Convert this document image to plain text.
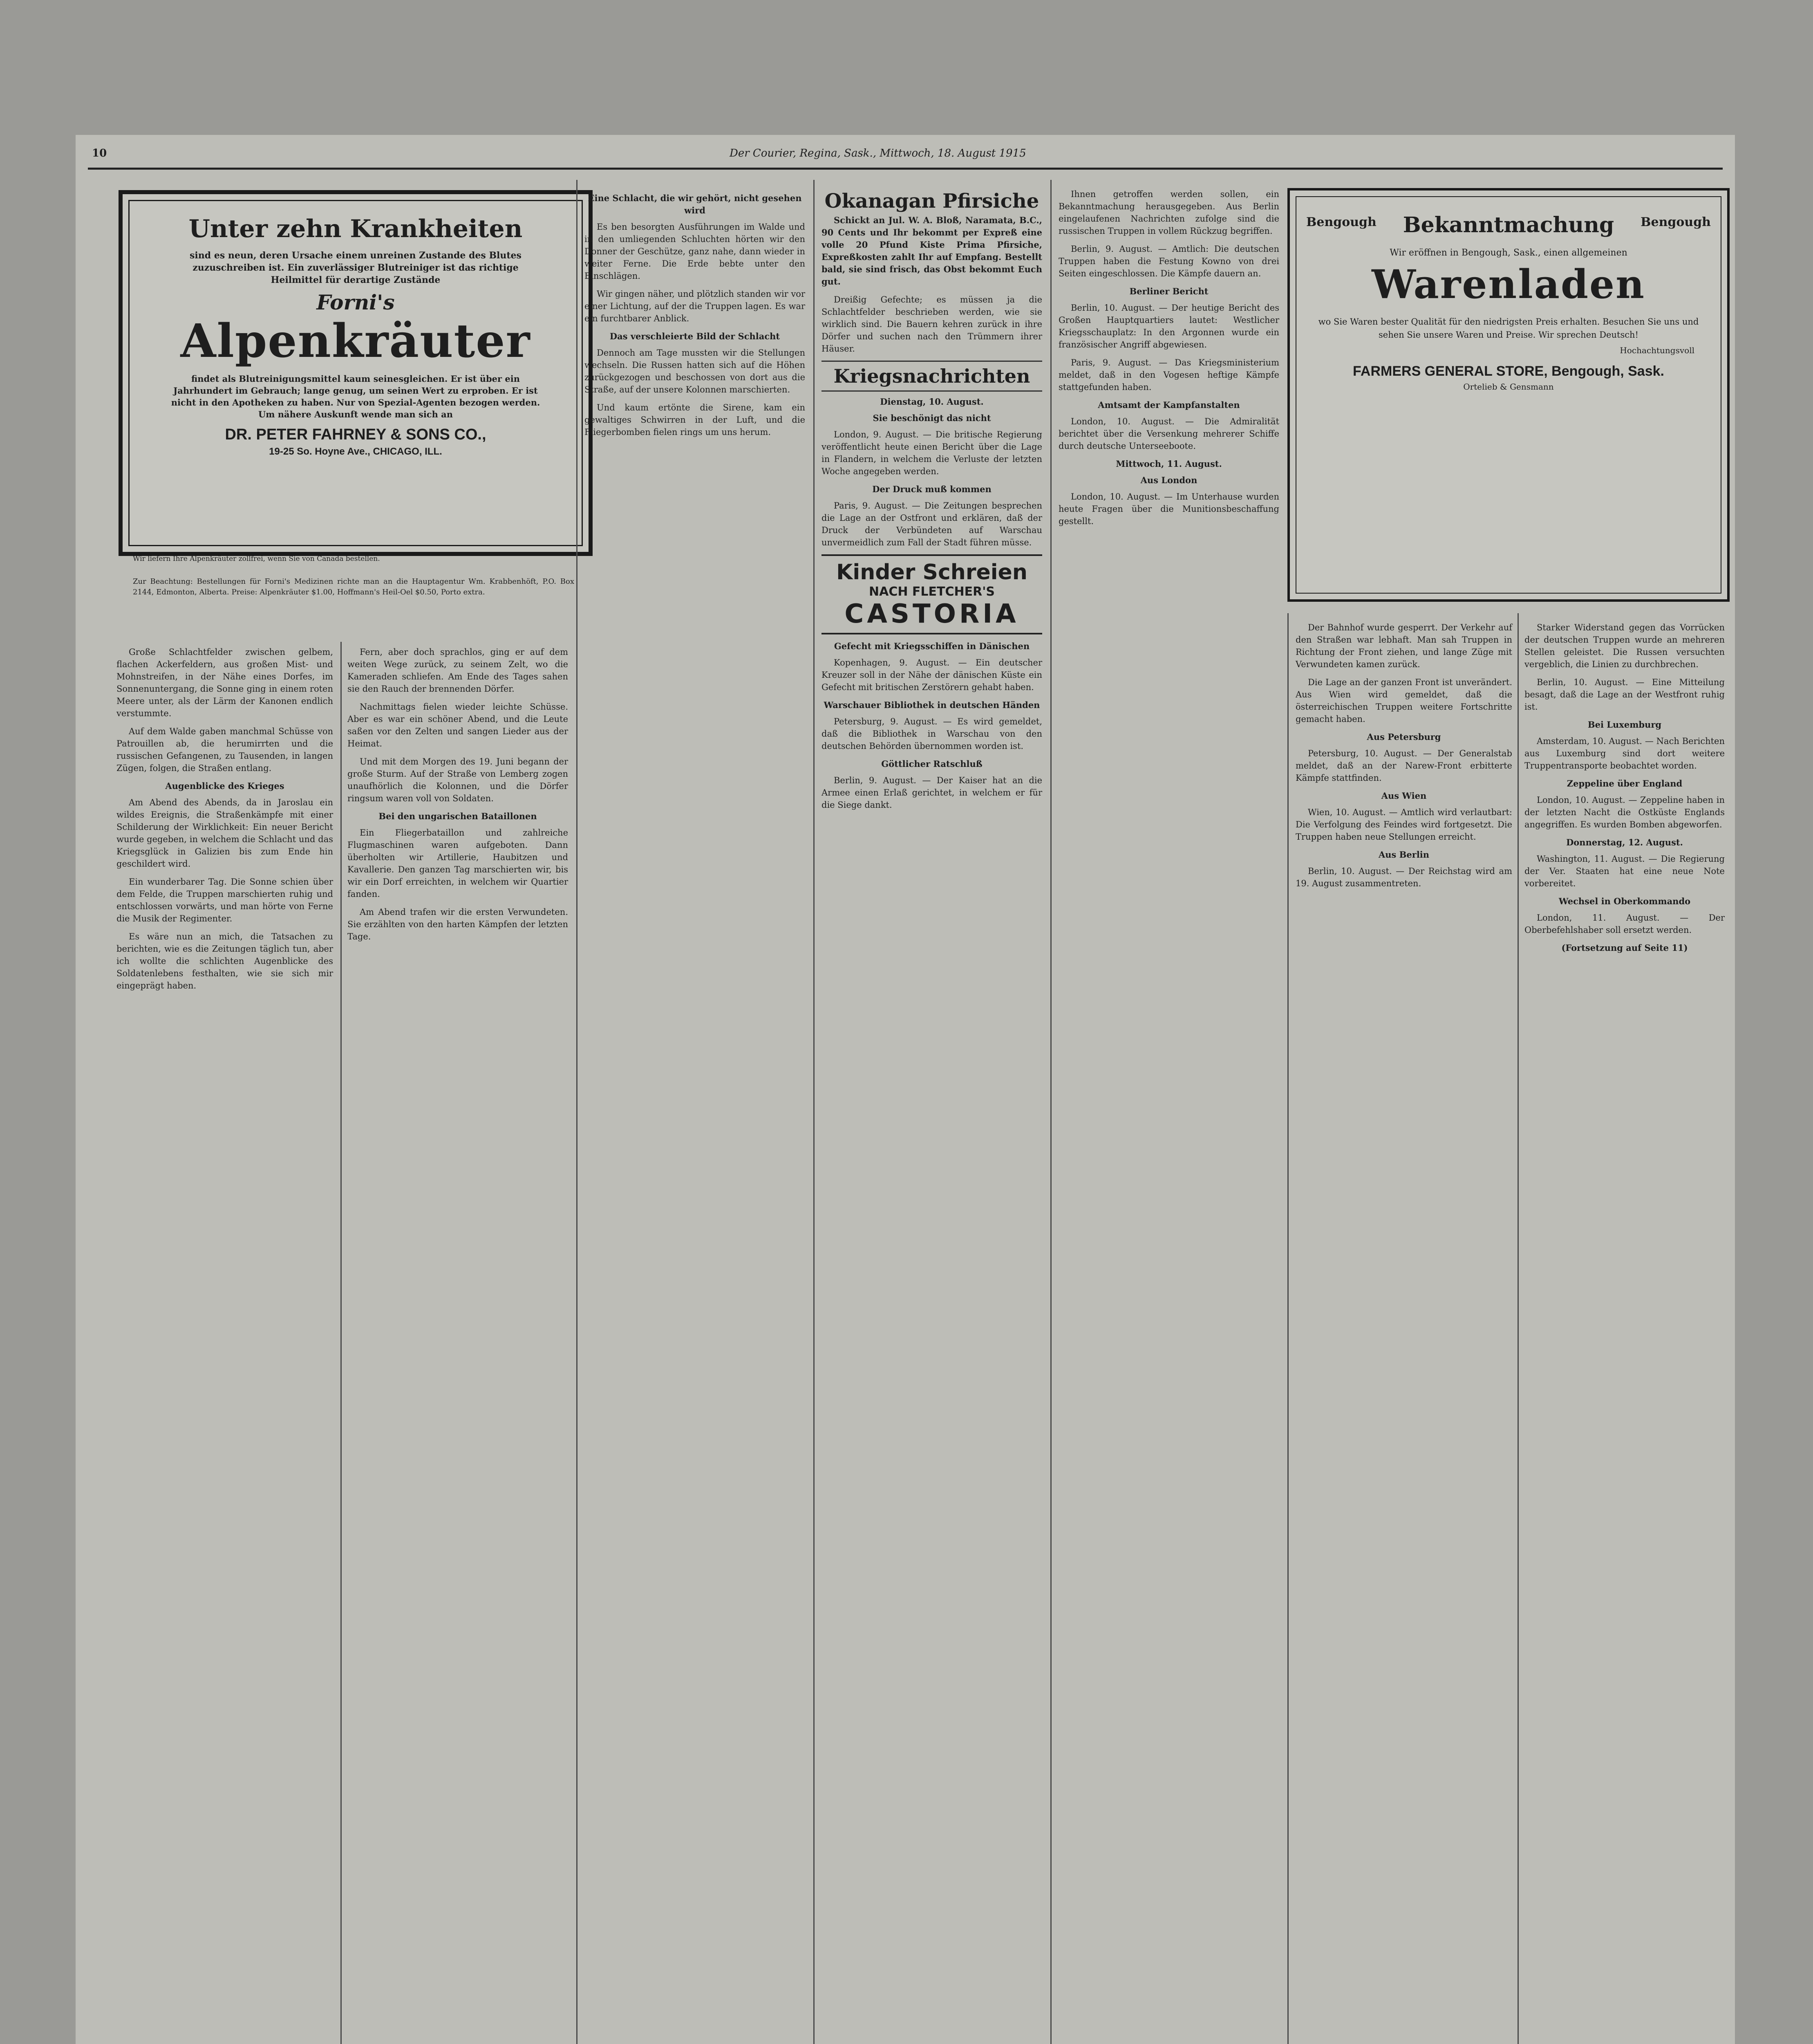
10	Der Courier, Regina, Sask., Mittwoch, 18. August 1915
Unter zehn Krankheiten
sind es neun, deren Ursache einem unreinen Zustande des Blutes zuzuschreiben ist. Ein zuverlässiger Blutreiniger ist das richtige Heilmittel für derartige Zustände
Forni's
Alpenkräuter
findet als Blutreinigungsmittel kaum seinesgleichen. Er ist über ein Jahrhundert im Gebrauch; lange genug, um seinen Wert zu erproben. Er ist nicht in den Apotheken zu haben. Nur von Spezial-Agenten bezogen werden. Um nähere Auskunft wende man sich an
DR. PETER FAHRNEY & SONS CO.,
19-25 So. Hoyne Ave., CHICAGO, ILL.
Wir liefern Ihre Alpenkräuter zollfrei, wenn Sie von Canada bestellen.
Zur Beachtung: Bestellungen für Forni's Medizinen richte man an die Hauptagentur Wm. Krabbenhöft, P.O. Box 2144, Edmonton, Alberta. Preise: Alpenkräuter $1.00, Hoffmann's Heil-Oel $0.50, Porto extra.

Große Schlachtfelder zwischen gelbem, flachen Ackerfeldern, aus großen Mist- und Mohnstreifen, in der Nähe eines Dorfes, im Sonnenuntergang, die Sonne ging in einem roten Meere unter, als der Lärm der Kanonen endlich verstummte.

Auf dem Walde gaben manchmal Schüsse von Patrouillen ab, die herumirrten und die russischen Gefangenen, zu Tausenden, in langen Zügen, folgen, die Straßen entlang.

Augenblicke des Krieges

Am Abend des Abends, da in Jaroslau ein wildes Ereignis, die Straßenkämpfe mit einer Schilderung der Wirklichkeit: Ein neuer Bericht wurde gegeben, in welchem die Schlacht und das Kriegsglück in Galizien bis zum Ende hin geschildert wird.

Ein wunderbarer Tag. Die Sonne schien über dem Felde, die Truppen marschierten ruhig und entschlossen vorwärts, und man hörte von Ferne die Musik der Regimenter.

Es wäre nun an mich, die Tatsachen zu berichten, wie es die Zeitungen täglich tun, aber ich wollte die schlichten Augenblicke des Soldatenlebens festhalten, wie sie sich mir eingeprägt haben.

Fern, aber doch sprachlos, ging er auf dem weiten Wege zurück, zu seinem Zelt, wo die Kameraden schliefen. Am Ende des Tages sahen sie den Rauch der brennenden Dörfer.

Nachmittags fielen wieder leichte Schüsse. Aber es war ein schöner Abend, und die Leute saßen vor den Zelten und sangen Lieder aus der Heimat.

Und mit dem Morgen des 19. Juni begann der große Sturm. Auf der Straße von Lemberg zogen unaufhörlich die Kolonnen, und die Dörfer ringsum waren voll von Soldaten.

Bei den ungarischen Bataillonen

Ein Fliegerbataillon und zahlreiche Flugmaschinen waren aufgeboten. Dann überholten wir Artillerie, Haubitzen und Kavallerie. Den ganzen Tag marschierten wir, bis wir ein Dorf erreichten, in welchem wir Quartier fanden.

Am Abend trafen wir die ersten Verwundeten. Sie erzählten von den harten Kämpfen der letzten Tage.

Eine Schlacht, die wir gehört, nicht gesehen wird

Es ben besorgten Ausführungen im Walde und in den umliegenden Schluchten hörten wir den Donner der Geschütze, ganz nahe, dann wieder in weiter Ferne. Die Erde bebte unter den Einschlägen.

Wir gingen näher, und plötzlich standen wir vor einer Lichtung, auf der die Truppen lagen. Es war ein furchtbarer Anblick.

Das verschleierte Bild der Schlacht

Dennoch am Tage mussten wir die Stellungen wechseln. Die Russen hatten sich auf die Höhen zurückgezogen und beschossen von dort aus die Straße, auf der unsere Kolonnen marschierten.

Und kaum ertönte die Sirene, kam ein gewaltiges Schwirren in der Luft, und die Fliegerbomben fielen rings um uns herum.

Okanagan Pfirsiche

Schickt an Jul. W. A. Bloß, Naramata, B.C., 90 Cents und Ihr bekommt per Expreß eine volle 20 Pfund Kiste Prima Pfirsiche, Expreßkosten zahlt Ihr auf Empfang. Bestellt bald, sie sind frisch, das Obst bekommt Euch gut.

Dreißig Gefechte; es müssen ja die Schlachtfelder beschrieben werden, wie sie wirklich sind. Die Bauern kehren zurück in ihre Dörfer und suchen nach den Trümmern ihrer Häuser.

Kriegsnachrichten

Dienstag, 10. August.

Sie beschönigt das nicht

London, 9. August. — Die britische Regierung veröffentlicht heute einen Bericht über die Lage in Flandern, in welchem die Verluste der letzten Woche angegeben werden.

Der Druck muß kommen

Paris, 9. August. — Die Zeitungen besprechen die Lage an der Ostfront und erklären, daß der Druck der Verbündeten auf Warschau unvermeidlich zum Fall der Stadt führen müsse.

Kinder Schreien
NACH FLETCHER'S
CASTORIA

Gefecht mit Kriegsschiffen in Dänischen

Kopenhagen, 9. August. — Ein deutscher Kreuzer soll in der Nähe der dänischen Küste ein Gefecht mit britischen Zerstörern gehabt haben.

Warschauer Bibliothek in deutschen Händen

Petersburg, 9. August. — Es wird gemeldet, daß die Bibliothek in Warschau von den deutschen Behörden übernommen worden ist.

Göttlicher Ratschluß

Berlin, 9. August. — Der Kaiser hat an die Armee einen Erlaß gerichtet, in welchem er für die Siege dankt.

Ihnen getroffen werden sollen, ein Bekanntmachung herausgegeben. Aus Berlin eingelaufenen Nachrichten zufolge sind die russischen Truppen in vollem Rückzug begriffen.

Berlin, 9. August. — Amtlich: Die deutschen Truppen haben die Festung Kowno von drei Seiten eingeschlossen. Die Kämpfe dauern an.

Berliner Bericht

Berlin, 10. August. — Der heutige Bericht des Großen Hauptquartiers lautet: Westlicher Kriegsschauplatz: In den Argonnen wurde ein französischer Angriff abgewiesen.

Paris, 9. August. — Das Kriegsministerium meldet, daß in den Vogesen heftige Kämpfe stattgefunden haben.

Amtsamt der Kampfanstalten

London, 10. August. — Die Admiralität berichtet über die Versenkung mehrerer Schiffe durch deutsche Unterseeboote.

Mittwoch, 11. August.

Aus London

London, 10. August. — Im Unterhause wurden heute Fragen über die Munitionsbeschaffung gestellt.

Bengough Bekanntmachung Bengough
Wir eröffnen in Bengough, Sask., einen allgemeinen
Warenladen
wo Sie Waren bester Qualität für den niedrigsten Preis erhalten. Besuchen Sie uns und sehen Sie unsere Waren und Preise. Wir sprechen Deutsch!
Hochachtungsvoll
FARMERS GENERAL STORE, Bengough, Sask.
Ortelieb & Gensmann

Der Bahnhof wurde gesperrt. Der Verkehr auf den Straßen war lebhaft. Man sah Truppen in Richtung der Front ziehen, und lange Züge mit Verwundeten kamen zurück.

Die Lage an der ganzen Front ist unverändert. Aus Wien wird gemeldet, daß die österreichischen Truppen weitere Fortschritte gemacht haben.

Aus Petersburg

Petersburg, 10. August. — Der Generalstab meldet, daß an der Narew-Front erbitterte Kämpfe stattfinden.

Aus Wien

Wien, 10. August. — Amtlich wird verlautbart: Die Verfolgung des Feindes wird fortgesetzt. Die Truppen haben neue Stellungen erreicht.

Aus Berlin

Berlin, 10. August. — Der Reichstag wird am 19. August zusammentreten.

Starker Widerstand gegen das Vorrücken der deutschen Truppen wurde an mehreren Stellen geleistet. Die Russen versuchten vergeblich, die Linien zu durchbrechen.

Berlin, 10. August. — Eine Mitteilung besagt, daß die Lage an der Westfront ruhig ist.

Bei Luxemburg

Amsterdam, 10. August. — Nach Berichten aus Luxemburg sind dort weitere Truppentransporte beobachtet worden.

Zeppeline über England

London, 10. August. — Zeppeline haben in der letzten Nacht die Ostküste Englands angegriffen. Es wurden Bomben abgeworfen.

Donnerstag, 12. August.

Washington, 11. August. — Die Regierung der Ver. Staaten hat eine neue Note vorbereitet.

Wechsel in Oberkommando

London, 11. August. — Der Oberbefehlshaber soll ersetzt werden.

(Fortsetzung auf Seite 11)
